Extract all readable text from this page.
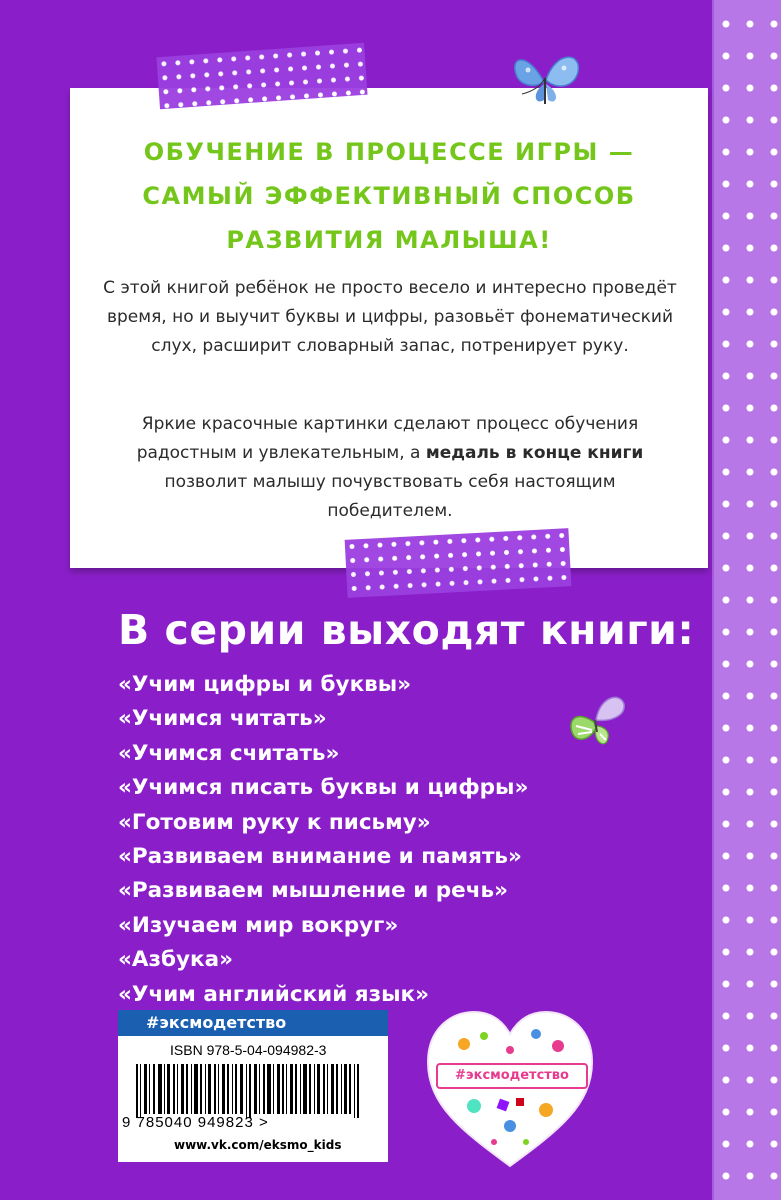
ОБУЧЕНИЕ В ПРОЦЕССЕ ИГРЫ —
САМЫЙ ЭФФЕКТИВНЫЙ СПОСОБ
РАЗВИТИЯ МАЛЫША!

С этой книгой ребёнок не просто весело и интересно проведёт время, но и выучит буквы и цифры, разовьёт фонематический слух, расширит словарный запас, потренирует руку.

Яркие красочные картинки сделают процесс обучения радостным и увлекательным, а медаль в конце книги позволит малышу почувствовать себя настоящим победителем.

В серии выходят книги:
«Учим цифры и буквы»
«Учимся читать»
«Учимся считать»
«Учимся писать буквы и цифры»
«Готовим руку к письму»
«Развиваем внимание и память»
«Развиваем мышление и речь»
«Изучаем мир вокруг»
«Азбука»
«Учим английский язык»
#эксмодетство
ISBN 978-5-04-094982-3
9 785040 949823 >
www.vk.com/eksmo_kids
#эксмодетство
